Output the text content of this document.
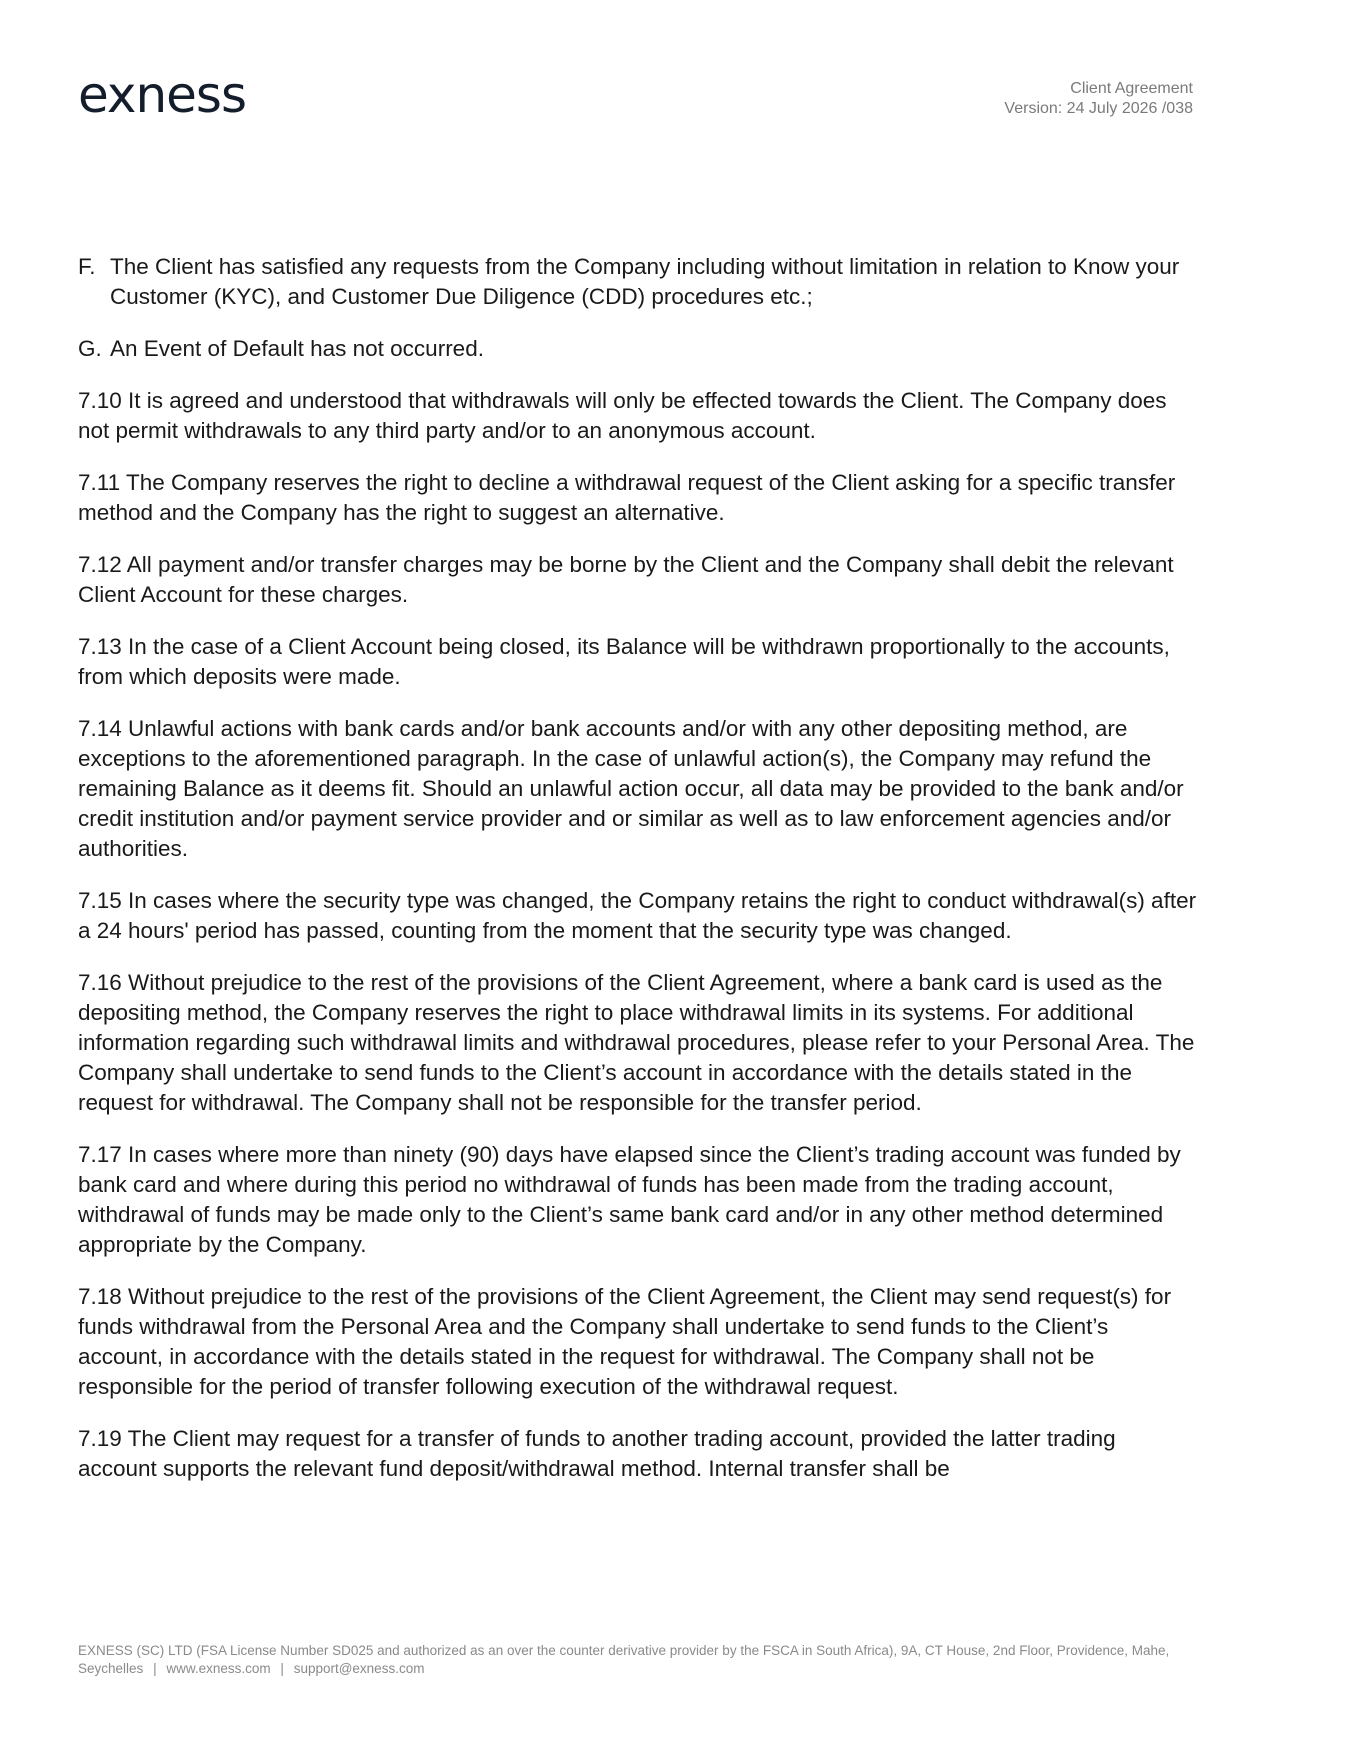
exness	Client Agreement
Version: 24 July 2026 /038
F. The Client has satisfied any requests from the Company including without limitation in relation to Know your Customer (KYC), and Customer Due Diligence (CDD) procedures etc.;
G. An Event of Default has not occurred.

7.10 It is agreed and understood that withdrawals will only be effected towards the Client. The Company does not permit withdrawals to any third party and/or to an anonymous account.

7.11 The Company reserves the right to decline a withdrawal request of the Client asking for a specific transfer method and the Company has the right to suggest an alternative.

7.12 All payment and/or transfer charges may be borne by the Client and the Company shall debit the relevant Client Account for these charges.

7.13 In the case of a Client Account being closed, its Balance will be withdrawn proportionally to the accounts, from which deposits were made.

7.14 Unlawful actions with bank cards and/or bank accounts and/or with any other depositing method, are exceptions to the aforementioned paragraph. In the case of unlawful action(s), the Company may refund the remaining Balance as it deems fit. Should an unlawful action occur, all data may be provided to the bank and/or credit institution and/or payment service provider and or similar as well as to law enforcement agencies and/or authorities.

7.15 In cases where the security type was changed, the Company retains the right to conduct withdrawal(s) after a 24 hours' period has passed, counting from the moment that the security type was changed.

7.16 Without prejudice to the rest of the provisions of the Client Agreement, where a bank card is used as the depositing method, the Company reserves the right to place withdrawal limits in its systems. For additional information regarding such withdrawal limits and withdrawal procedures, please refer to your Personal Area. The Company shall undertake to send funds to the Client’s account in accordance with the details stated in the request for withdrawal. The Company shall not be responsible for the transfer period.

7.17 In cases where more than ninety (90) days have elapsed since the Client’s trading account was funded by bank card and where during this period no withdrawal of funds has been made from the trading account, withdrawal of funds may be made only to the Client’s same bank card and/or in any other method determined appropriate by the Company.

7.18 Without prejudice to the rest of the provisions of the Client Agreement, the Client may send request(s) for funds withdrawal from the Personal Area and the Company shall undertake to send funds to the Client’s account, in accordance with the details stated in the request for withdrawal. The Company shall not be responsible for the period of transfer following execution of the withdrawal request.

7.19 The Client may request for a transfer of funds to another trading account, provided the latter trading account supports the relevant fund deposit/withdrawal method. Internal transfer shall be

EXNESS (SC) LTD (FSA License Number SD025 and authorized as an over the counter derivative provider by the FSCA in South Africa), 9A, CT House, 2nd Floor, Providence, Mahe, Seychelles | www.exness.com | support@exness.com
